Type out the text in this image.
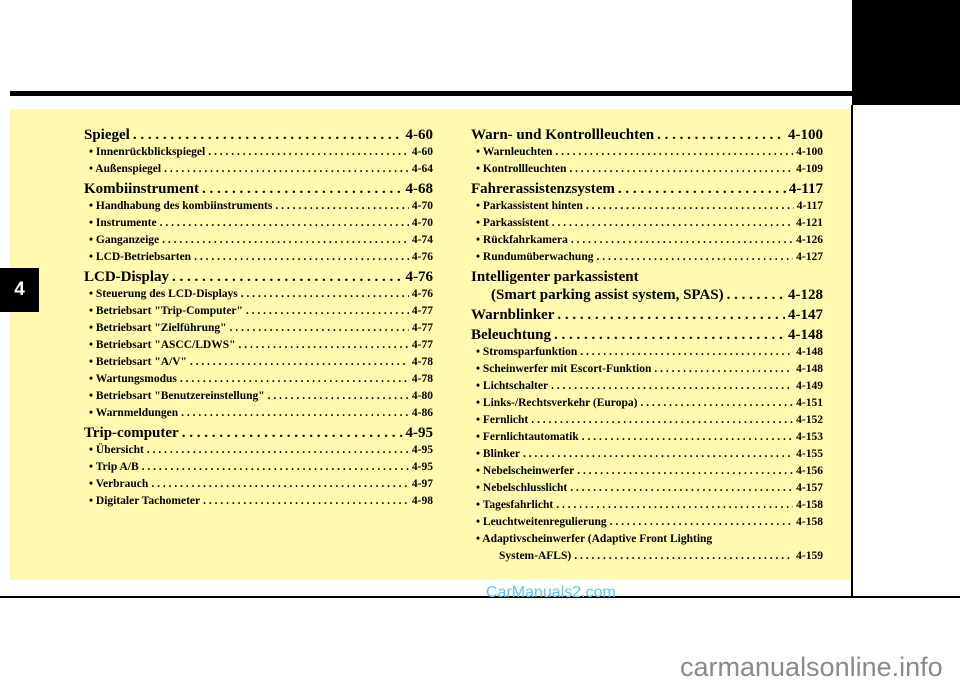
4
Spiegel . . .	4-60
• Innenrückblickspiegel . . .	4-60
• Außenspiegel . . .	4-64
Kombiinstrument . . .	4-68
• Handhabung des kombiinstruments . . .	4-70
• Instrumente . . .	4-70
• Ganganzeige . . .	4-74
• LCD-Betriebsarten . . .	4-76
LCD-Display . . .	4-76
• Steuerung des LCD-Displays . . .	4-76
• Betriebsart "Trip-Computer" . . .	4-77
• Betriebsart "Zielführung" . . .	4-77
• Betriebsart "ASCC/LDWS" . . .	4-77
• Betriebsart "A/V" . . .	4-78
• Wartungsmodus . . .	4-78
• Betriebsart "Benutzereinstellung" . . .	4-80
• Warnmeldungen . . .	4-86
Trip-computer . . .	4-95
• Übersicht . . .	4-95
• Trip A/B . . .	4-95
• Verbrauch . . .	4-97
• Digitaler Tachometer . . .	4-98
Warn- und Kontrollleuchten . . .	4-100
• Warnleuchten . . .	4-100
• Kontrollleuchten . . .	4-109
Fahrerassistenzsystem . . .	4-117
• Parkassistent hinten . . .	4-117
• Parkassistent . . .	4-121
• Rückfahrkamera . . .	4-126
• Rundumüberwachung . . .	4-127
Intelligenter parkassistent
(Smart parking assist system, SPAS) . . .	4-128
Warnblinker . . .	4-147
Beleuchtung . . .	4-148
• Stromsparfunktion . . .	4-148
• Scheinwerfer mit Escort-Funktion . . .	4-148
• Lichtschalter . . .	4-149
• Links-/Rechtsverkehr (Europa) . . .	4-151
• Fernlicht . . .	4-152
• Fernlichtautomatik . . .	4-153
• Blinker . . .	4-155
• Nebelscheinwerfer . . .	4-156
• Nebelschlusslicht . . .	4-157
• Tagesfahrlicht . . .	4-158
• Leuchtweitenregulierung . . .	4-158
• Adaptivscheinwerfer (Adaptive Front Lighting
System-AFLS) . . .	4-159
CarManuals2.com
carmanualsonline.info
